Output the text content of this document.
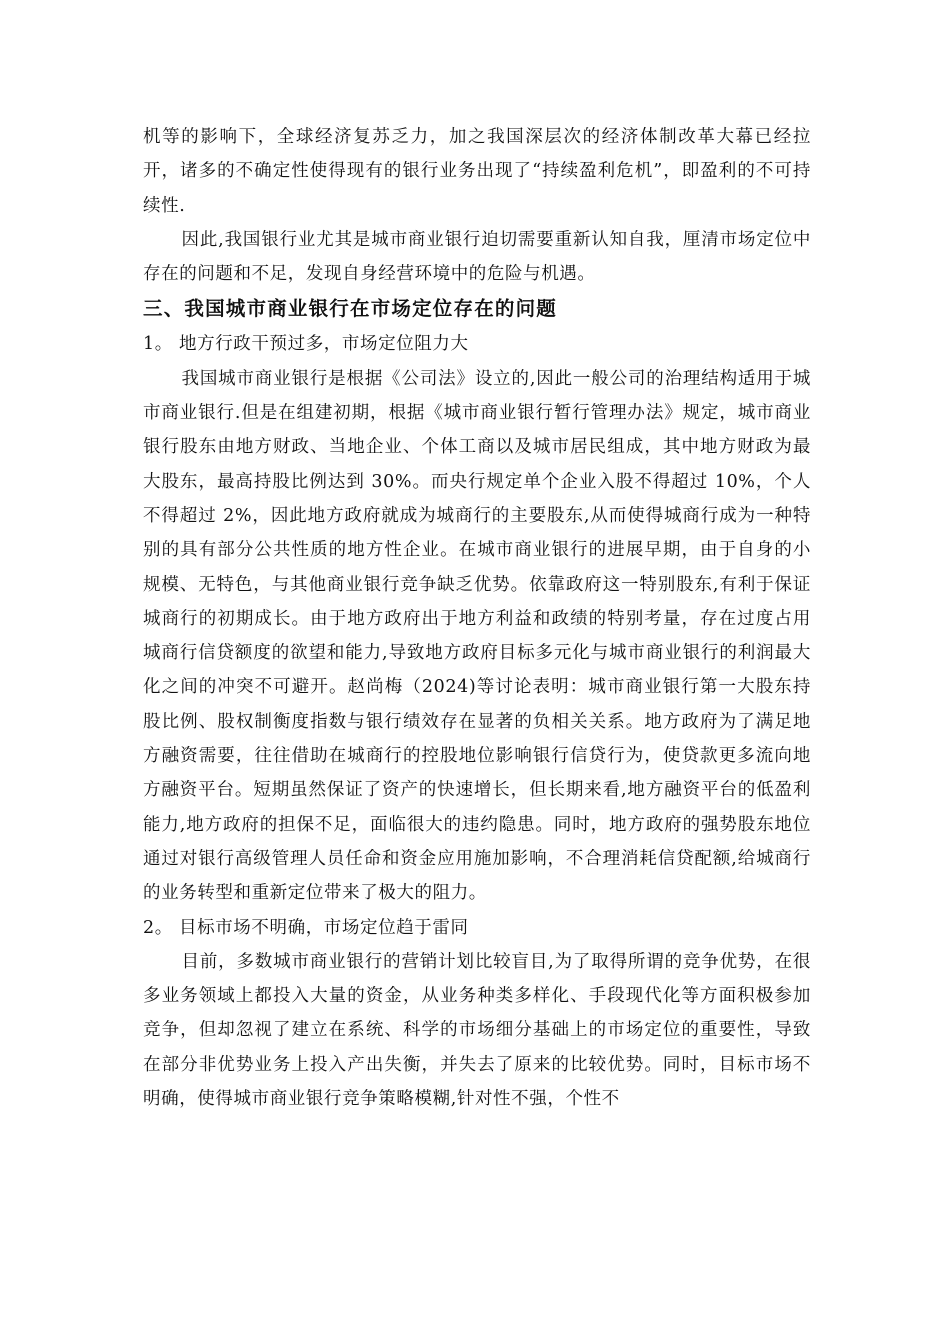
机等的影响下，全球经济复苏乏力，加之我国深层次的经济体制改革大幕已经拉开，诸多的不确定性使得现有的银行业务出现了“持续盈利危机”，即盈利的不可持续性.

因此,我国银行业尤其是城市商业银行迫切需要重新认知自我，厘清市场定位中存在的问题和不足，发现自身经营环境中的危险与机遇。

三、我国城市商业银行在市场定位存在的问题

1。 地方行政干预过多，市场定位阻力大

我国城市商业银行是根据《公司法》设立的,因此一般公司的治理结构适用于城市商业银行.但是在组建初期，根据《城市商业银行暂行管理办法》规定，城市商业银行股东由地方财政、当地企业、个体工商以及城市居民组成，其中地方财政为最大股东，最高持股比例达到 30%。而央行规定单个企业入股不得超过 10%，个人不得超过 2%，因此地方政府就成为城商行的主要股东,从而使得城商行成为一种特别的具有部分公共性质的地方性企业。在城市商业银行的进展早期，由于自身的小规模、无特色，与其他商业银行竞争缺乏优势。依靠政府这一特别股东,有利于保证城商行的初期成长。由于地方政府出于地方利益和政绩的特别考量，存在过度占用城商行信贷额度的欲望和能力,导致地方政府目标多元化与城市商业银行的利润最大化之间的冲突不可避开。赵尚梅（2024)等讨论表明：城市商业银行第一大股东持股比例、股权制衡度指数与银行绩效存在显著的负相关关系。地方政府为了满足地方融资需要，往往借助在城商行的控股地位影响银行信贷行为，使贷款更多流向地方融资平台。短期虽然保证了资产的快速增长，但长期来看,地方融资平台的低盈利能力,地方政府的担保不足，面临很大的违约隐患。同时，地方政府的强势股东地位通过对银行高级管理人员任命和资金应用施加影响，不合理消耗信贷配额,给城商行的业务转型和重新定位带来了极大的阻力。

2。 目标市场不明确，市场定位趋于雷同

目前，多数城市商业银行的营销计划比较盲目,为了取得所谓的竞争优势，在很多业务领域上都投入大量的资金，从业务种类多样化、手段现代化等方面积极参加竞争，但却忽视了建立在系统、科学的市场细分基础上的市场定位的重要性，导致在部分非优势业务上投入产出失衡，并失去了原来的比较优势。同时，目标市场不明确，使得城市商业银行竞争策略模糊,针对性不强，个性不
